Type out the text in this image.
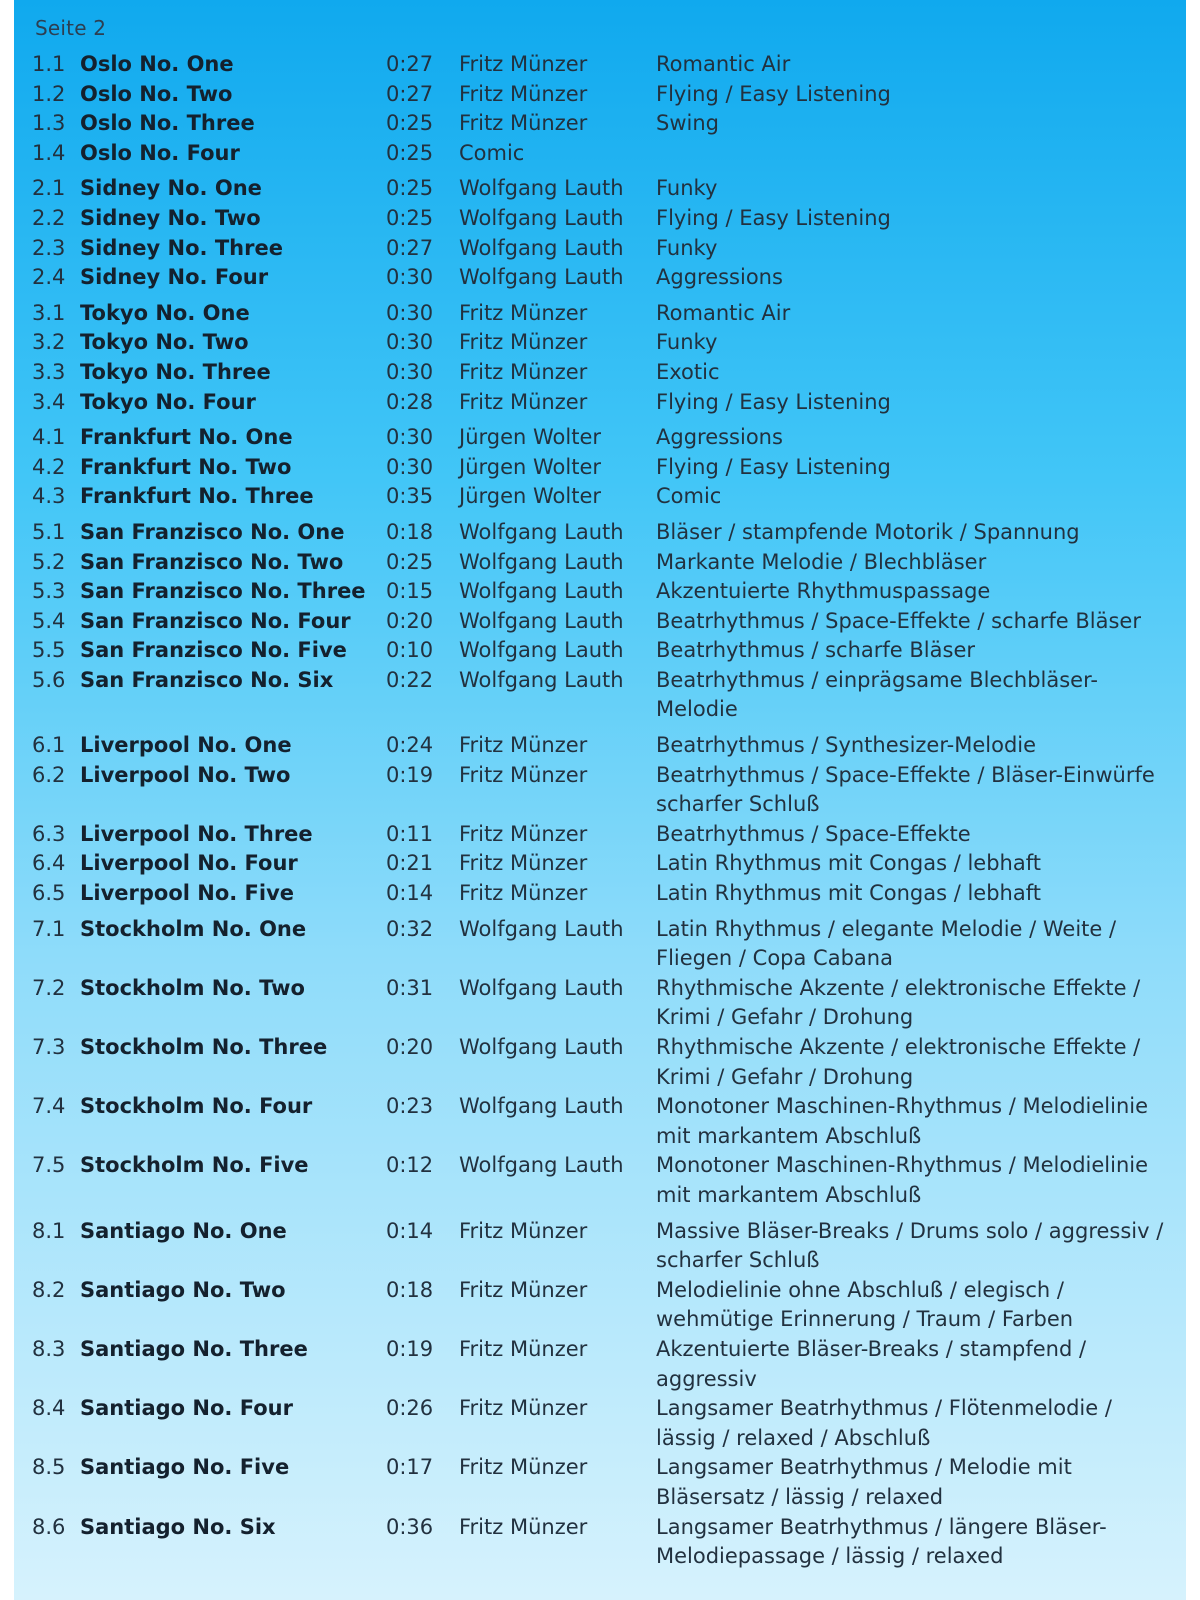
Seite 2
1.1 Oslo No. One	0:27	Fritz Münzer	Romantic Air
1.2 Oslo No. Two	0:27	Fritz Münzer	Flying / Easy Listening
1.3 Oslo No. Three	0:25	Fritz Münzer	Swing
1.4 Oslo No. Four	0:25	Comic
2.1 Sidney No. One	0:25	Wolfgang Lauth	Funky
2.2 Sidney No. Two	0:25	Wolfgang Lauth	Flying / Easy Listening
2.3 Sidney No. Three	0:27	Wolfgang Lauth	Funky
2.4 Sidney No. Four	0:30	Wolfgang Lauth	Aggressions
3.1 Tokyo No. One	0:30	Fritz Münzer	Romantic Air
3.2 Tokyo No. Two	0:30	Fritz Münzer	Funky
3.3 Tokyo No. Three	0:30	Fritz Münzer	Exotic
3.4 Tokyo No. Four	0:28	Fritz Münzer	Flying / Easy Listening
4.1 Frankfurt No. One	0:30	Jürgen Wolter	Aggressions
4.2 Frankfurt No. Two	0:30	Jürgen Wolter	Flying / Easy Listening
4.3 Frankfurt No. Three	0:35	Jürgen Wolter	Comic
5.1 San Franzisco No. One	0:18	Wolfgang Lauth	Bläser / stampfende Motorik / Spannung
5.2 San Franzisco No. Two	0:25	Wolfgang Lauth	Markante Melodie / Blechbläser
5.3 San Franzisco No. Three 0:15	Wolfgang Lauth	Akzentuierte Rhythmuspassage
5.4 San Franzisco No. Four	0:20	Wolfgang Lauth	Beatrhythmus / Space-Effekte / scharfe Bläser
5.5 San Franzisco No. Five	0:10	Wolfgang Lauth	Beatrhythmus / scharfe Bläser
5.6 San Franzisco No. Six	0:22	Wolfgang Lauth	Beatrhythmus / einprägsame Blechbläser-Melodie
6.1 Liverpool No. One	0:24	Fritz Münzer	Beatrhythmus / Synthesizer-Melodie
6.2 Liverpool No. Two	0:19	Fritz Münzer	Beatrhythmus / Space-Effekte / Bläser-Einwürfe scharfer Schluß
6.3 Liverpool No. Three	0:11	Fritz Münzer	Beatrhythmus / Space-Effekte
6.4 Liverpool No. Four	0:21	Fritz Münzer	Latin Rhythmus mit Congas / lebhaft
6.5 Liverpool No. Five	0:14	Fritz Münzer	Latin Rhythmus mit Congas / lebhaft
7.1 Stockholm No. One	0:32	Wolfgang Lauth	Latin Rhythmus / elegante Melodie / Weite / Fliegen / Copa Cabana
7.2 Stockholm No. Two	0:31	Wolfgang Lauth	Rhythmische Akzente / elektronische Effekte / Krimi / Gefahr / Drohung
7.3 Stockholm No. Three	0:20	Wolfgang Lauth	Rhythmische Akzente / elektronische Effekte / Krimi / Gefahr / Drohung
7.4 Stockholm No. Four	0:23	Wolfgang Lauth	Monotoner Maschinen-Rhythmus / Melodielinie mit markantem Abschluß
7.5 Stockholm No. Five	0:12	Wolfgang Lauth	Monotoner Maschinen-Rhythmus / Melodielinie mit markantem Abschluß
8.1 Santiago No. One	0:14	Fritz Münzer	Massive Bläser-Breaks / Drums solo / aggressiv / scharfer Schluß
8.2 Santiago No. Two	0:18	Fritz Münzer	Melodielinie ohne Abschluß / elegisch / wehmütige Erinnerung / Traum / Farben
8.3 Santiago No. Three	0:19	Fritz Münzer	Akzentuierte Bläser-Breaks / stampfend / aggressiv
8.4 Santiago No. Four	0:26	Fritz Münzer	Langsamer Beatrhythmus / Flötenmelodie / lässig / relaxed / Abschluß
8.5 Santiago No. Five	0:17	Fritz Münzer	Langsamer Beatrhythmus / Melodie mit Bläsersatz / lässig / relaxed
8.6 Santiago No. Six	0:36	Fritz Münzer	Langsamer Beatrhythmus / längere Bläser-Melodiepassage / lässig / relaxed
